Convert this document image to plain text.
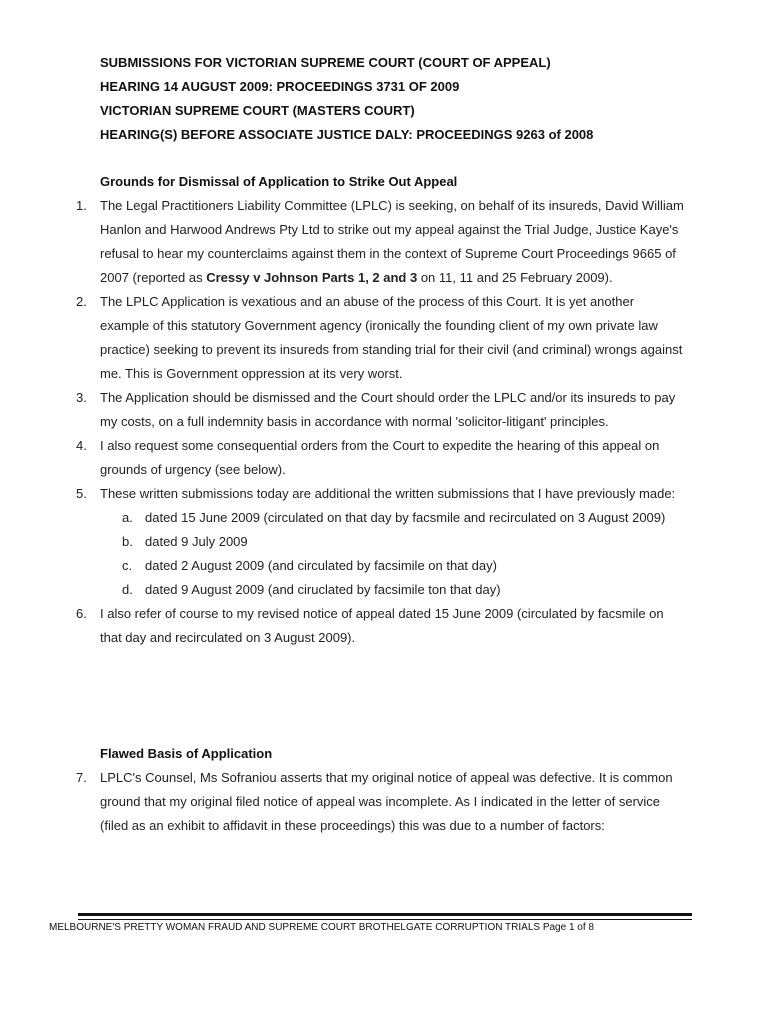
SUBMISSIONS FOR VICTORIAN SUPREME COURT (COURT OF APPEAL)
HEARING 14 AUGUST 2009: PROCEEDINGS 3731 OF 2009
VICTORIAN SUPREME COURT (MASTERS COURT)
HEARING(S) BEFORE ASSOCIATE JUSTICE DALY: PROCEEDINGS 9263 of 2008
Grounds for Dismissal of Application to Strike Out Appeal
1. The Legal Practitioners Liability Committee (LPLC) is seeking, on behalf of its insureds, David William Hanlon and Harwood Andrews Pty Ltd to strike out my appeal against the Trial Judge, Justice Kaye's refusal to hear my counterclaims against them in the context of Supreme Court Proceedings 9665 of 2007 (reported as Cressy v Johnson Parts 1, 2 and 3 on 11, 11 and 25 February 2009).
2. The LPLC Application is vexatious and an abuse of the process of this Court. It is yet another example of this statutory Government agency (ironically the founding client of my own private law practice) seeking to prevent its insureds from standing trial for their civil (and criminal) wrongs against me. This is Government oppression at its very worst.
3. The Application should be dismissed and the Court should order the LPLC and/or its insureds to pay my costs, on a full indemnity basis in accordance with normal 'solicitor-litigant' principles.
4. I also request some consequential orders from the Court to expedite the hearing of this appeal on grounds of urgency (see below).
5. These written submissions today are additional the written submissions that I have previously made:
a. dated 15 June 2009 (circulated on that day by facsmile and recirculated on 3 August 2009)
b. dated 9 July 2009
c. dated 2 August 2009 (and circulated by facsimile on that day)
d. dated 9 August 2009 (and ciruclated by facsimile ton that day)
6. I also refer of course to my revised notice of appeal dated 15 June 2009 (circulated by facsmile on that day and recirculated on 3 August 2009).
Flawed Basis of Application
7. LPLC's Counsel, Ms Sofraniou asserts that my original notice of appeal was defective. It is common ground that my original filed notice of appeal was incomplete. As I indicated in the letter of service (filed as an exhibit to affidavit in these proceedings) this was due to a number of factors:
MELBOURNE'S PRETTY WOMAN FRAUD AND SUPREME COURT BROTHELGATE CORRUPTION TRIALS Page 1 of 8
